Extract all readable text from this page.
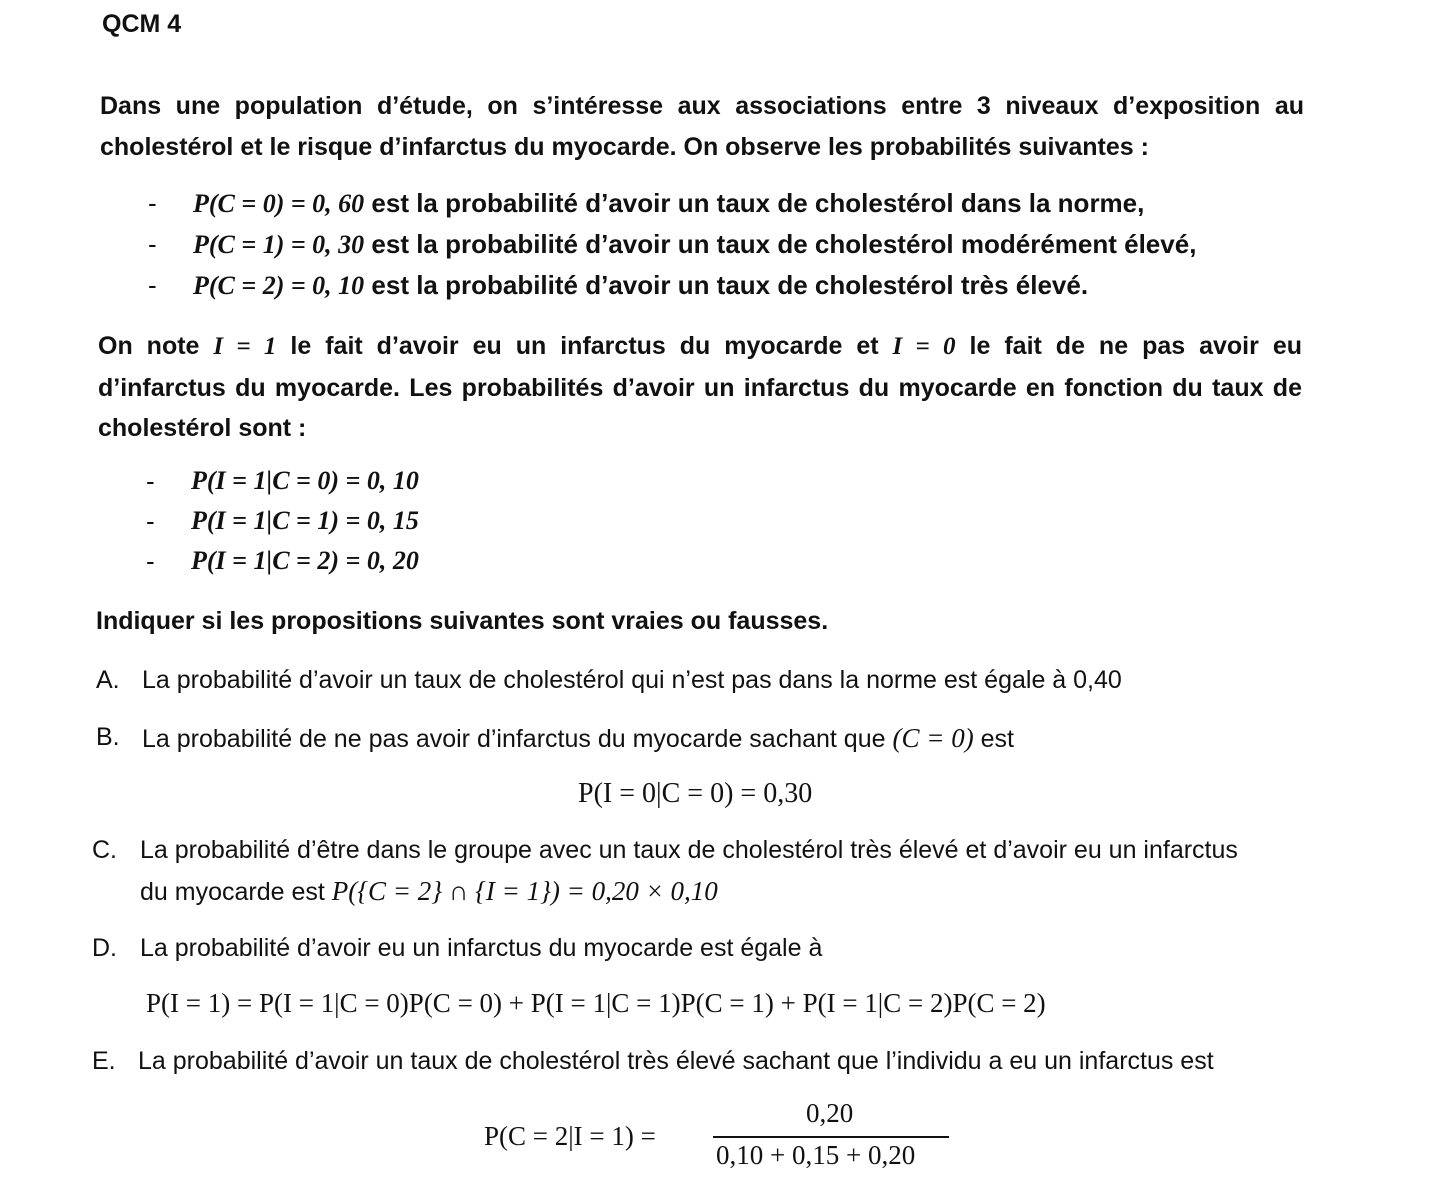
QCM 4
Dans une population d’étude, on s’intéresse aux associations entre 3 niveaux d’exposition au
cholestérol et le risque d’infarctus du myocarde. On observe les probabilités suivantes :
- P(C = 0) = 0, 60 est la probabilité d’avoir un taux de cholestérol dans la norme,
- P(C = 1) = 0, 30 est la probabilité d’avoir un taux de cholestérol modérément élevé,
- P(C = 2) = 0, 10 est la probabilité d’avoir un taux de cholestérol très élevé.
On note I = 1 le fait d’avoir eu un infarctus du myocarde et I = 0 le fait de ne pas avoir eu
d’infarctus du myocarde. Les probabilités d’avoir un infarctus du myocarde en fonction du taux de
cholestérol sont :
- P(I = 1|C = 0) = 0, 10
- P(I = 1|C = 1) = 0, 15
- P(I = 1|C = 2) = 0, 20
Indiquer si les propositions suivantes sont vraies ou fausses.
A. La probabilité d’avoir un taux de cholestérol qui n’est pas dans la norme est égale à 0,40
B. La probabilité de ne pas avoir d’infarctus du myocarde sachant que (C = 0) est
P(I = 0|C = 0) = 0,30
C. La probabilité d’être dans le groupe avec un taux de cholestérol très élevé et d’avoir eu un infarctus
du myocarde est P({C = 2} ∩ {I = 1}) = 0,20 × 0,10
D. La probabilité d’avoir eu un infarctus du myocarde est égale à
P(I = 1) = P(I = 1|C = 0)P(C = 0) + P(I = 1|C = 1)P(C = 1) + P(I = 1|C = 2)P(C = 2)
E. La probabilité d’avoir un taux de cholestérol très élevé sachant que l’individu a eu un infarctus est
P(C = 2|I = 1) =
0,20
0,10 + 0,15 + 0,20
